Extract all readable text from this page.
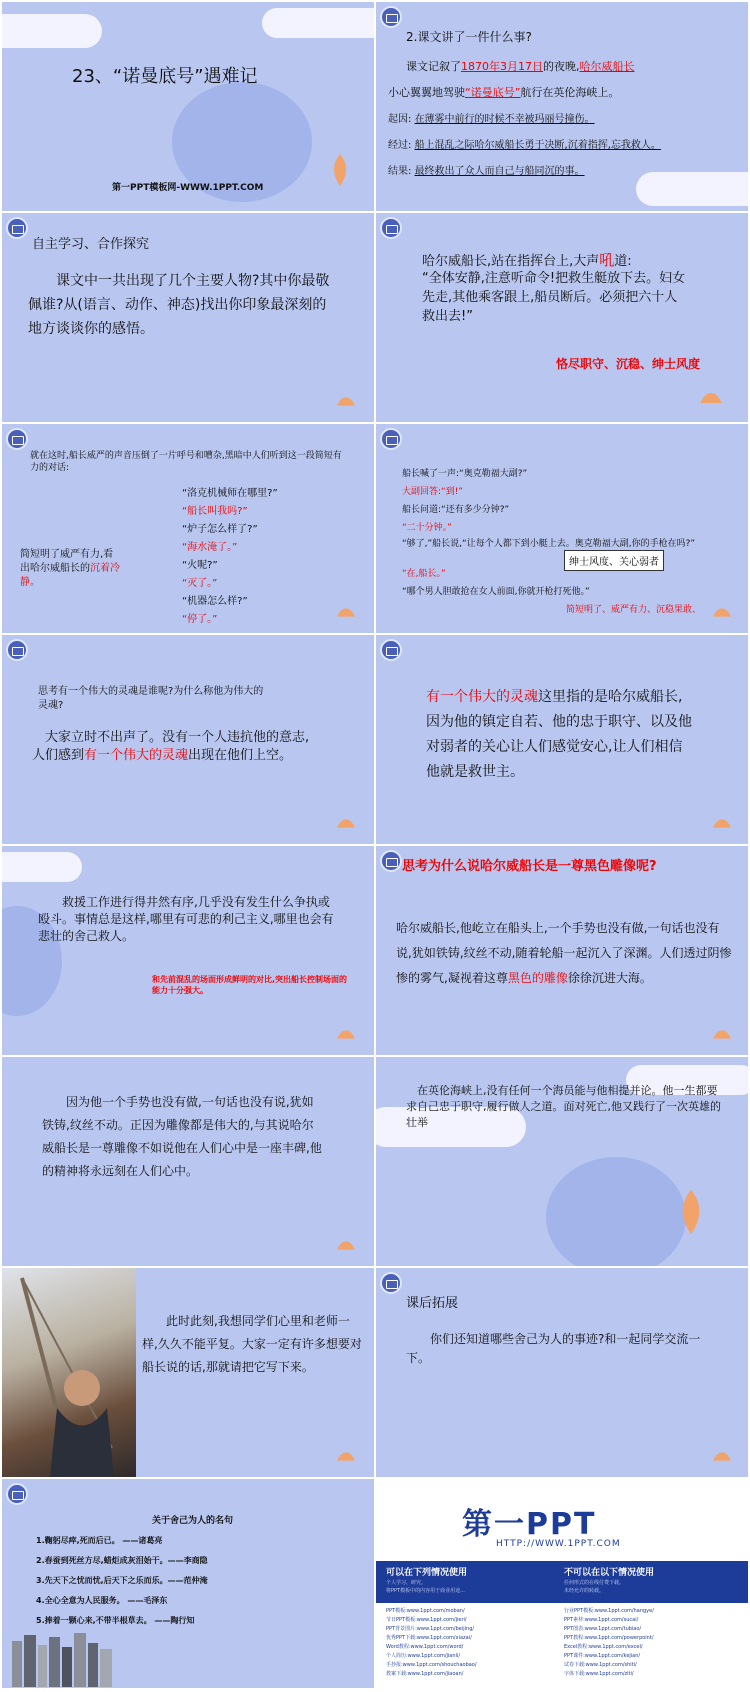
23、“诺曼底号”遇难记
第一PPT模板网-WWW.1PPT.COM
2.课文讲了一件什么事?
课文记叙了1870年3月17日的夜晚,哈尔威船长
小心翼翼地驾驶“诺曼底号”航行在英伦海峡上。
起因: 在薄雾中前行的时候不幸被玛丽号撞伤。
经过: 船上混乱之际哈尔威船长勇于决断,沉着指挥,忘我救人。
结果: 最终救出了众人而自己与船同沉的事。
自主学习、合作探究
课文中一共出现了几个主要人物?其中你最敬佩谁?从(语言、动作、神态)找出你印象最深刻的地方谈谈你的感悟。
哈尔威船长,站在指挥台上,大声吼道:
“全体安静,注意听命令!把救生艇放下去。妇女先走,其他乘客跟上,船员断后。必须把六十人救出去!”
恪尽职守、沉稳、绅士风度
就在这时,船长威严的声音压倒了一片呼号和嘈杂,黑暗中人们听到这一段简短有力的对话:
“洛克机械师在哪里?”
“船长叫我吗?”
“炉子怎么样了?”
“海水淹了。”
“火呢?”
“灭了。”
“机器怎么样?”
“停了。”
简短明了威严有力,看出哈尔威船长的沉着冷静。
船长喊了一声:“奥克勒福大副?”
大副回答:“到!”
船长问道:“还有多少分钟?”
“二十分钟。”
“够了,”船长说,“让每个人都下到小艇上去。奥克勒福大副,你的手枪在吗?”
“在,船长。”
“哪个男人胆敢抢在女人前面,你就开枪打死他。”
绅士风度、关心弱者
简短明了、威严有力、沉稳果敢、
思考有一个伟大的灵魂是谁呢?为什么称他为伟大的灵魂?
大家立时不出声了。没有一个人违抗他的意志,人们感到有一个伟大的灵魂出现在他们上空。
有一个伟大的灵魂这里指的是哈尔威船长,因为他的镇定自若、他的忠于职守、以及他对弱者的关心让人们感觉安心,让人们相信他就是救世主。
救援工作进行得井然有序,几乎没有发生什么争执或殴斗。事情总是这样,哪里有可悲的利己主义,哪里也会有悲壮的舍己救人。
和先前混乱的场面形成鲜明的对比,突出船长控制场面的能力十分强大。
思考为什么说哈尔威船长是一尊黑色雕像呢?
哈尔威船长,他屹立在船头上,一个手势也没有做,一句话也没有说,犹如铁铸,纹丝不动,随着轮船一起沉入了深渊。人们透过阴惨惨的雾气,凝视着这尊黑色的雕像徐徐沉进大海。
因为他一个手势也没有做,一句话也没有说,犹如铁铸,纹丝不动。正因为雕像都是伟大的,与其说哈尔威船长是一尊雕像不如说他在人们心中是一座丰碑,他的精神将永远刻在人们心中。
在英伦海峡上,没有任何一个海员能与他相提并论。他一生都要求自己忠于职守,履行做人之道。面对死亡,他又践行了一次英雄的壮举
此时此刻,我想同学们心里和老师一样,久久不能平复。大家一定有许多想要对船长说的话,那就请把它写下来。
课后拓展
你们还知道哪些舍己为人的事迹?和一起同学交流一下。
关于舍己为人的名句
1.鞠躬尽瘁,死而后已。 ——诸葛亮
2.春蚕到死丝方尽,蜡炬成灰泪始干。——李商隐
3.先天下之忧而忧,后天下之乐而乐。——范仲淹
4.全心全意为人民服务。 ——毛泽东
5.捧着一颗心来,不带半根草去。 ——陶行知
第一PPT
HTTP://WWW.1PPT.COM
可以在下列情况使用
个人学习、研究。
将PPT模板中的内容用于商业用途...
不可以在以下情况使用
任何形式的在线付费下载。
未经允许的转载。
PPT模板:www.1ppt.com/moban/
节日PPT模板:www.1ppt.com/jieri/
PPT背景图片:www.1ppt.com/beijing/
优秀PPT下载:www.1ppt.com/xiazai/
Word教程:www.1ppt.com/word/
个人简历:www.1ppt.com/jianli/
手抄报:www.1ppt.com/shouchaobao/
教案下载:www.1ppt.com/jiaoan/
行业PPT模板:www.1ppt.com/hangye/
PPT素材:www.1ppt.com/sucai/
PPT图表:www.1ppt.com/tubiao/
PPT教程:www.1ppt.com/powerpoint/
Excel教程:www.1ppt.com/excel/
PPT课件:www.1ppt.com/kejian/
试卷下载:www.1ppt.com/shiti/
字体下载:www.1ppt.com/ziti/
